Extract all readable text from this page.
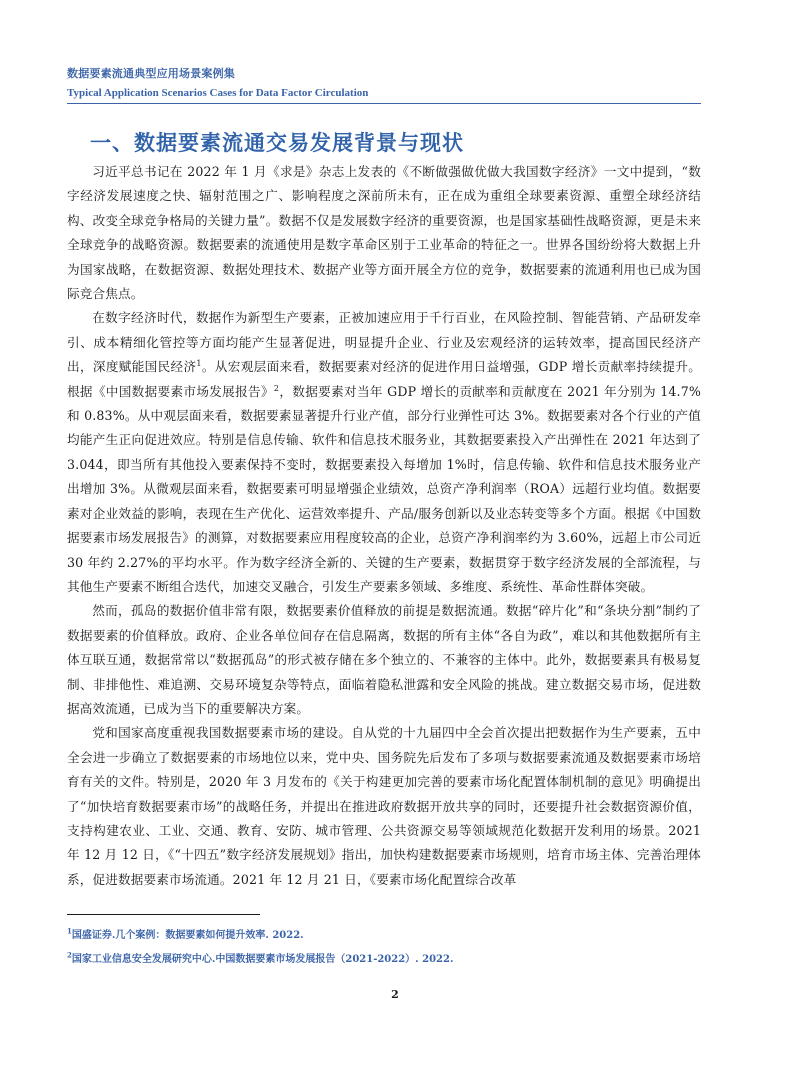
数据要素流通典型应用场景案例集
Typical Application Scenarios Cases for Data Factor Circulation
一、数据要素流通交易发展背景与现状

习近平总书记在 2022 年 1 月《求是》杂志上发表的《不断做强做优做大我国数字经济》一文中提到，“数字经济发展速度之快、辐射范围之广、影响程度之深前所未有，正在成为重组全球要素资源、重塑全球经济结构、改变全球竞争格局的关键力量”。数据不仅是发展数字经济的重要资源，也是国家基础性战略资源，更是未来全球竞争的战略资源。数据要素的流通使用是数字革命区别于工业革命的特征之一。世界各国纷纷将大数据上升为国家战略，在数据资源、数据处理技术、数据产业等方面开展全方位的竞争，数据要素的流通利用也已成为国际竞合焦点。

在数字经济时代，数据作为新型生产要素，正被加速应用于千行百业，在风险控制、智能营销、产品研发牵引、成本精细化管控等方面均能产生显著促进，明显提升企业、行业及宏观经济的运转效率，提高国民经济产出，深度赋能国民经济$^1$。从宏观层面来看，数据要素对经济的促进作用日益增强，GDP 增长贡献率持续提升。根据《中国数据要素市场发展报告》$^2$，数据要素对当年 GDP 增长的贡献率和贡献度在 2021 年分别为 14.7%和 0.83%。从中观层面来看，数据要素显著提升行业产值，部分行业弹性可达 3%。数据要素对各个行业的产值均能产生正向促进效应。特别是信息传输、软件和信息技术服务业，其数据要素投入产出弹性在 2021 年达到了 3.044，即当所有其他投入要素保持不变时，数据要素投入每增加 1%时，信息传输、软件和信息技术服务业产出增加 3%。从微观层面来看，数据要素可明显增强企业绩效，总资产净利润率（ROA）远超行业均值。数据要素对企业效益的影响，表现在生产优化、运营效率提升、产品/服务创新以及业态转变等多个方面。根据《中国数据要素市场发展报告》的测算，对数据要素应用程度较高的企业，总资产净利润率约为 3.60%，远超上市公司近 30 年约 2.27%的平均水平。作为数字经济全新的、关键的生产要素，数据贯穿于数字经济发展的全部流程，与其他生产要素不断组合迭代，加速交叉融合，引发生产要素多领域、多维度、系统性、革命性群体突破。

然而，孤岛的数据价值非常有限，数据要素价值释放的前提是数据流通。数据“碎片化”和“条块分割”制约了数据要素的价值释放。政府、企业各单位间存在信息隔离，数据的所有主体“各自为政”，难以和其他数据所有主体互联互通，数据常常以“数据孤岛”的形式被存储在多个独立的、不兼容的主体中。此外，数据要素具有极易复制、非排他性、难追溯、交易环境复杂等特点，面临着隐私泄露和安全风险的挑战。建立数据交易市场，促进数据高效流通，已成为当下的重要解决方案。

党和国家高度重视我国数据要素市场的建设。自从党的十九届四中全会首次提出把数据作为生产要素，五中全会进一步确立了数据要素的市场地位以来，党中央、国务院先后发布了多项与数据要素流通及数据要素市场培育有关的文件。特别是，2020 年 3 月发布的《关于构建更加完善的要素市场化配置体制机制的意见》明确提出了“加快培育数据要素市场”的战略任务，并提出在推进政府数据开放共享的同时，还要提升社会数据资源价值，支持构建农业、工业、交通、教育、安防、城市管理、公共资源交易等领域规范化数据开发利用的场景。2021 年 12 月 12 日，《“十四五”数字经济发展规划》指出，加快构建数据要素市场规则，培育市场主体、完善治理体系，促进数据要素市场流通。2021 年 12 月 21 日，《要素市场化配置综合改革

$^1$国盛证券.几个案例：数据要素如何提升效率. 2022.
$^2$国家工业信息安全发展研究中心.中国数据要素市场发展报告（2021-2022）. 2022.
2
